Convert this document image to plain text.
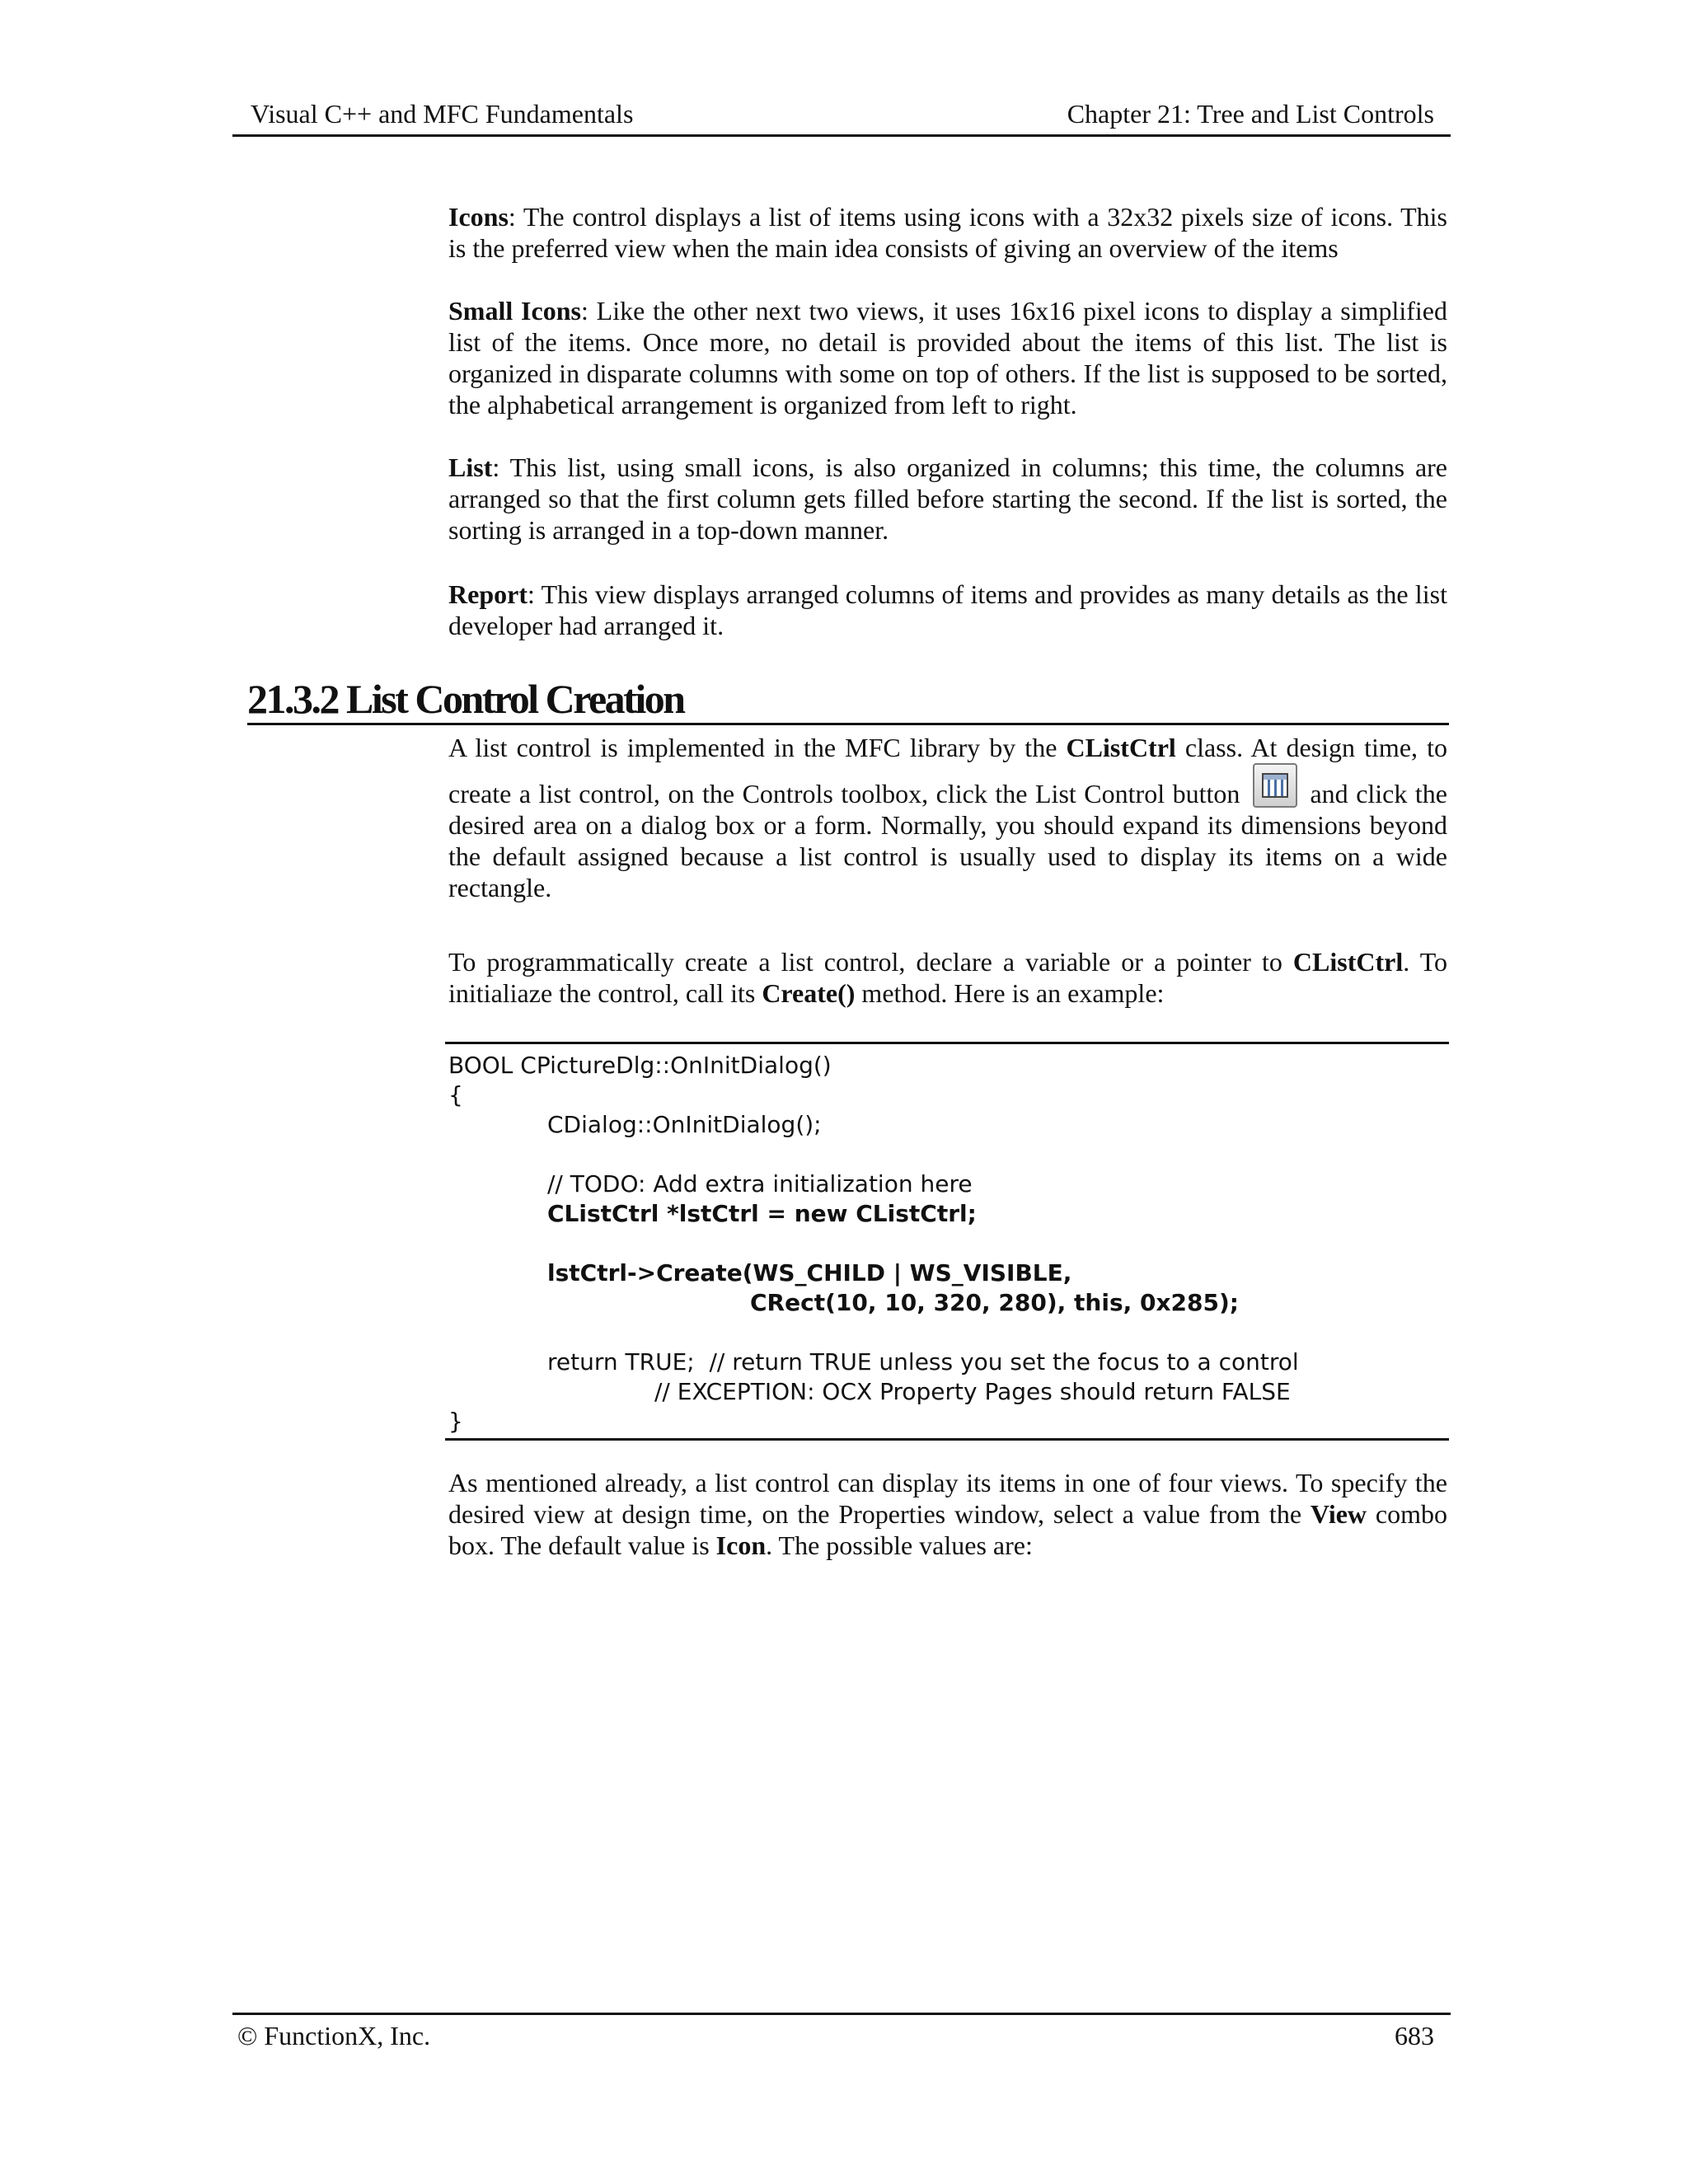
Visual C++ and MFC Fundamentals	Chapter 21: Tree and List Controls

Icons: The control displays a list of items using icons with a 32x32 pixels size of icons. This is the preferred view when the main idea consists of giving an overview of the items

Small Icons: Like the other next two views, it uses 16x16 pixel icons to display a simplified list of the items. Once more, no detail is provided about the items of this list. The list is organized in disparate columns with some on top of others. If the list is supposed to be sorted, the alphabetical arrangement is organized from left to right.

List: This list, using small icons, is also organized in columns; this time, the columns are arranged so that the first column gets filled before starting the second. If the list is sorted, the sorting is arranged in a top-down manner.

Report: This view displays arranged columns of items and provides as many details as the list developer had arranged it.

21.3.2 List Control Creation

A list control is implemented in the MFC library by the CListCtrl class. At design time, to create a list control, on the Controls toolbox, click the List Control button
and click the desired area on a dialog box or a form. Normally, you should expand its dimensions beyond the default assigned because a list control is usually used to display its items on a wide rectangle.

To programmatically create a list control, declare a variable or a pointer to CListCtrl. To initialiaze the control, call its Create() method. Here is an example:

BOOL CPictureDlg::OnInitDialog()
{
CDialog::OnInitDialog();
// TODO: Add extra initialization here
CListCtrl *lstCtrl = new CListCtrl;
lstCtrl->Create(WS_CHILD | WS_VISIBLE,
CRect(10, 10, 320, 280), this, 0x285);
return TRUE;  // return TRUE unless you set the focus to a control
// EXCEPTION: OCX Property Pages should return FALSE
}

As mentioned already, a list control can display its items in one of four views. To specify the desired view at design time, on the Properties window, select a value from the View combo box. The default value is Icon. The possible values are:

© FunctionX, Inc.	683
